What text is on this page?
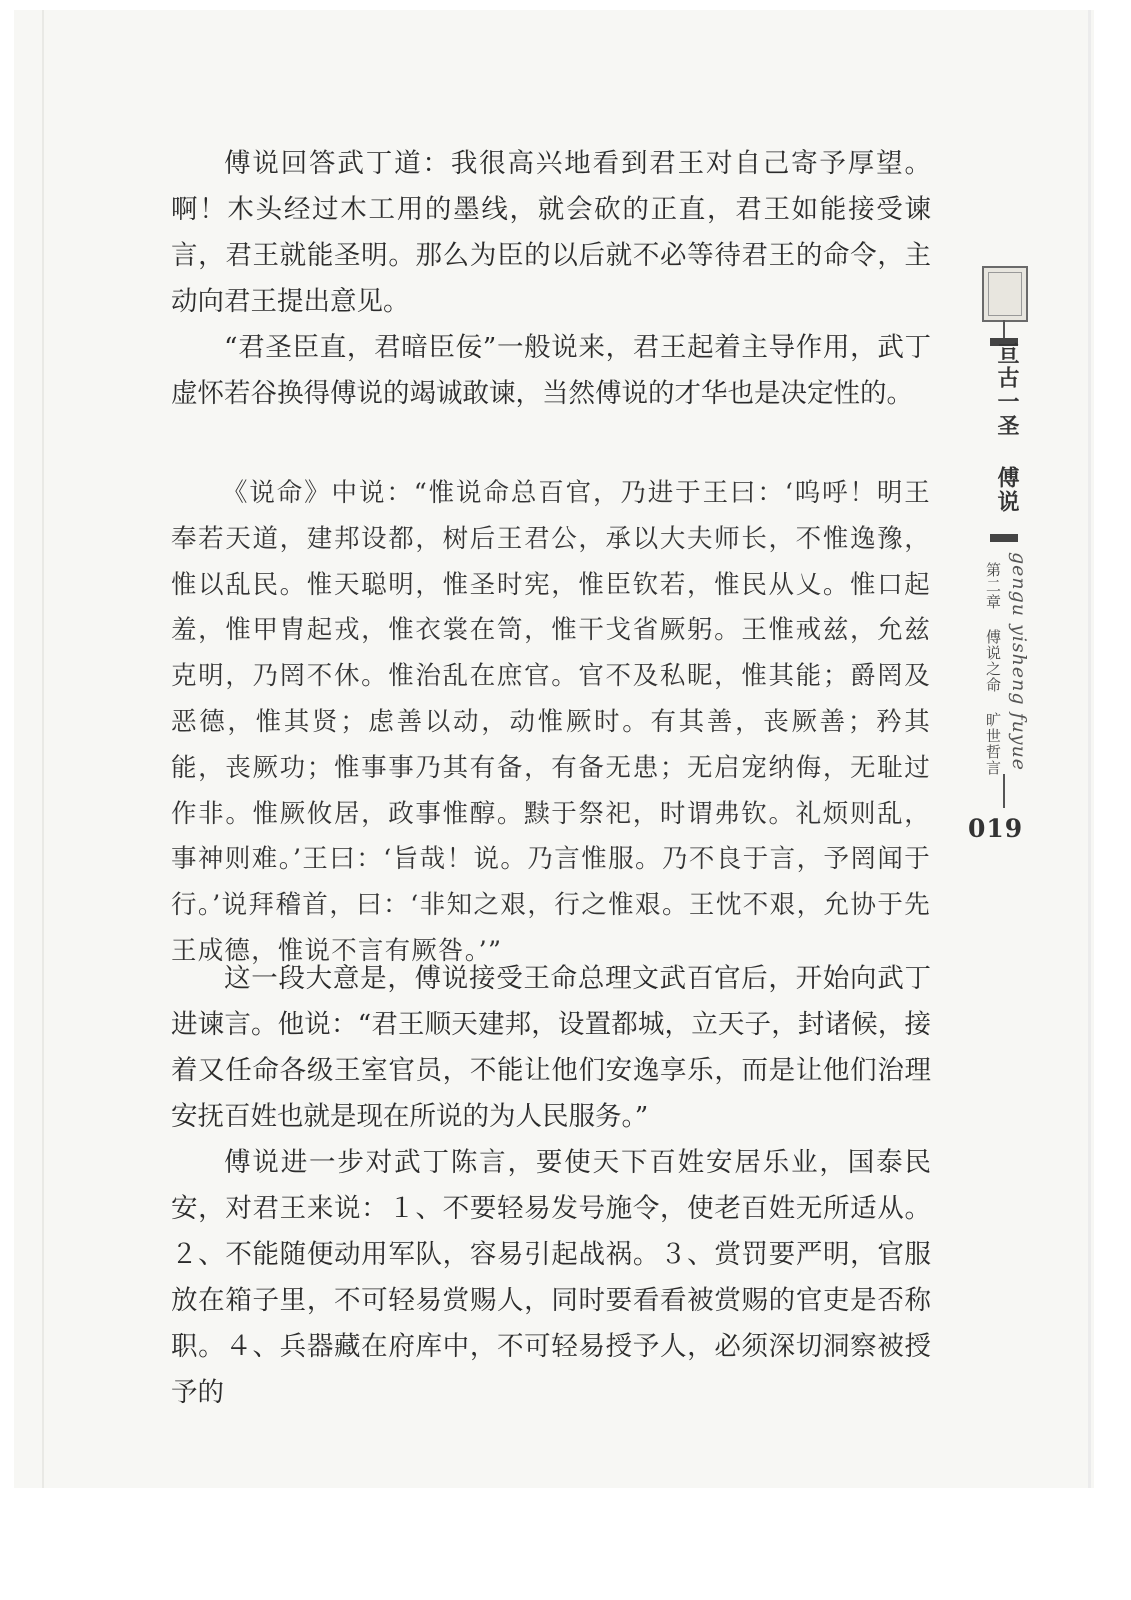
傅说回答武丁道：我很高兴地看到君王对自己寄予厚望。啊！木头经过木工用的墨线，就会砍的正直，君王如能接受谏言，君王就能圣明。那么为臣的以后就不必等待君王的命令，主动向君王提出意见。

“君圣臣直，君暗臣佞”一般说来，君王起着主导作用，武丁虚怀若谷换得傅说的竭诚敢谏，当然傅说的才华也是决定性的。

《说命》中说：“惟说命总百官，乃进于王曰：‘呜呼！明王奉若天道，建邦设都，树后王君公，承以大夫师长，不惟逸豫，惟以乱民。惟天聪明，惟圣时宪，惟臣钦若，惟民从乂。惟口起羞，惟甲胄起戎，惟衣裳在笥，惟干戈省厥躬。王惟戒兹，允兹克明，乃罔不休。惟治乱在庶官。官不及私昵，惟其能；爵罔及恶德，惟其贤；虑善以动，动惟厥时。有其善，丧厥善；矜其能，丧厥功；惟事事乃其有备，有备无患；无启宠纳侮，无耻过作非。惟厥攸居，政事惟醇。黩于祭祀，时谓弗钦。礼烦则乱，事神则难。’王曰：‘旨哉！说。乃言惟服。乃不良于言，予罔闻于行。’说拜稽首，曰：‘非知之艰，行之惟艰。王忱不艰，允协于先王成德，惟说不言有厥咎。’”

这一段大意是，傅说接受王命总理文武百官后，开始向武丁进谏言。他说：“君王顺天建邦，设置都城，立天子，封诸候，接着又任命各级王室官员，不能让他们安逸享乐，而是让他们治理安抚百姓也就是现在所说的为人民服务。”

傅说进一步对武丁陈言，要使天下百姓安居乐业，国泰民安，对君王来说：１、不要轻易发号施令，使老百姓无所适从。２、不能随便动用军队，容易引起战祸。３、赏罚要严明，官服放在箱子里，不可轻易赏赐人，同时要看看被赏赐的官吏是否称职。４、兵器藏在府库中，不可轻易授予人，必须深切洞察被授予的

亘古一圣 傅说
第二章 傅说之命 旷世哲言 gengu yisheng fuyue
019
